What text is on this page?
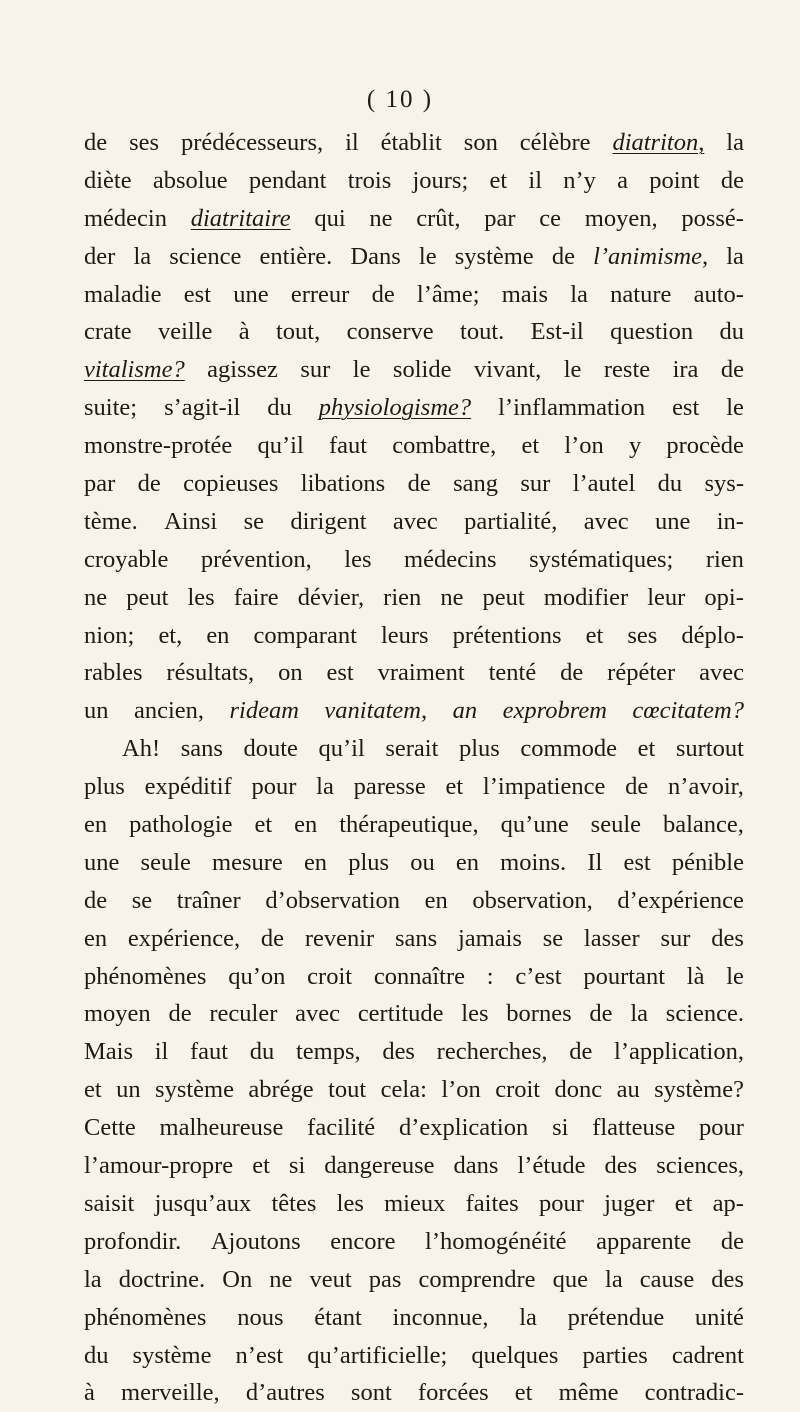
( 10 )
de ses prédécesseurs, il établit son célèbre diatriton, la
diète absolue pendant trois jours; et il n’y a point de
médecin diatritaire qui ne crût, par ce moyen, possé-
der la science entière. Dans le système de l’animisme, la
maladie est une erreur de l’âme; mais la nature auto-
crate veille à tout, conserve tout. Est-il question du
vitalisme? agissez sur le solide vivant, le reste ira de
suite; s’agit-il du physiologisme? l’inflammation est le
monstre-protée qu’il faut combattre, et l’on y procède
par de copieuses libations de sang sur l’autel du sys-
tème. Ainsi se dirigent avec partialité, avec une in-
croyable prévention, les médecins systématiques; rien
ne peut les faire dévier, rien ne peut modifier leur opi-
nion; et, en comparant leurs prétentions et ses déplo-
rables résultats, on est vraiment tenté de répéter avec
un ancien, rideam vanitatem, an exprobrem cœcitatem?
Ah! sans doute qu’il serait plus commode et surtout
plus expéditif pour la paresse et l’impatience de n’avoir,
en pathologie et en thérapeutique, qu’une seule balance,
une seule mesure en plus ou en moins. Il est pénible
de se traîner d’observation en observation, d’expérience
en expérience, de revenir sans jamais se lasser sur des
phénomènes qu’on croit connaître : c’est pourtant là le
moyen de reculer avec certitude les bornes de la science.
Mais il faut du temps, des recherches, de l’application,
et un système abrége tout cela: l’on croit donc au système?
Cette malheureuse facilité d’explication si flatteuse pour
l’amour-propre et si dangereuse dans l’étude des sciences,
saisit jusqu’aux têtes les mieux faites pour juger et ap-
profondir. Ajoutons encore l’homogénéité apparente de
la doctrine. On ne veut pas comprendre que la cause des
phénomènes nous étant inconnue, la prétendue unité
du système n’est qu’artificielle; quelques parties cadrent
à merveille, d’autres sont forcées et même contradic-
